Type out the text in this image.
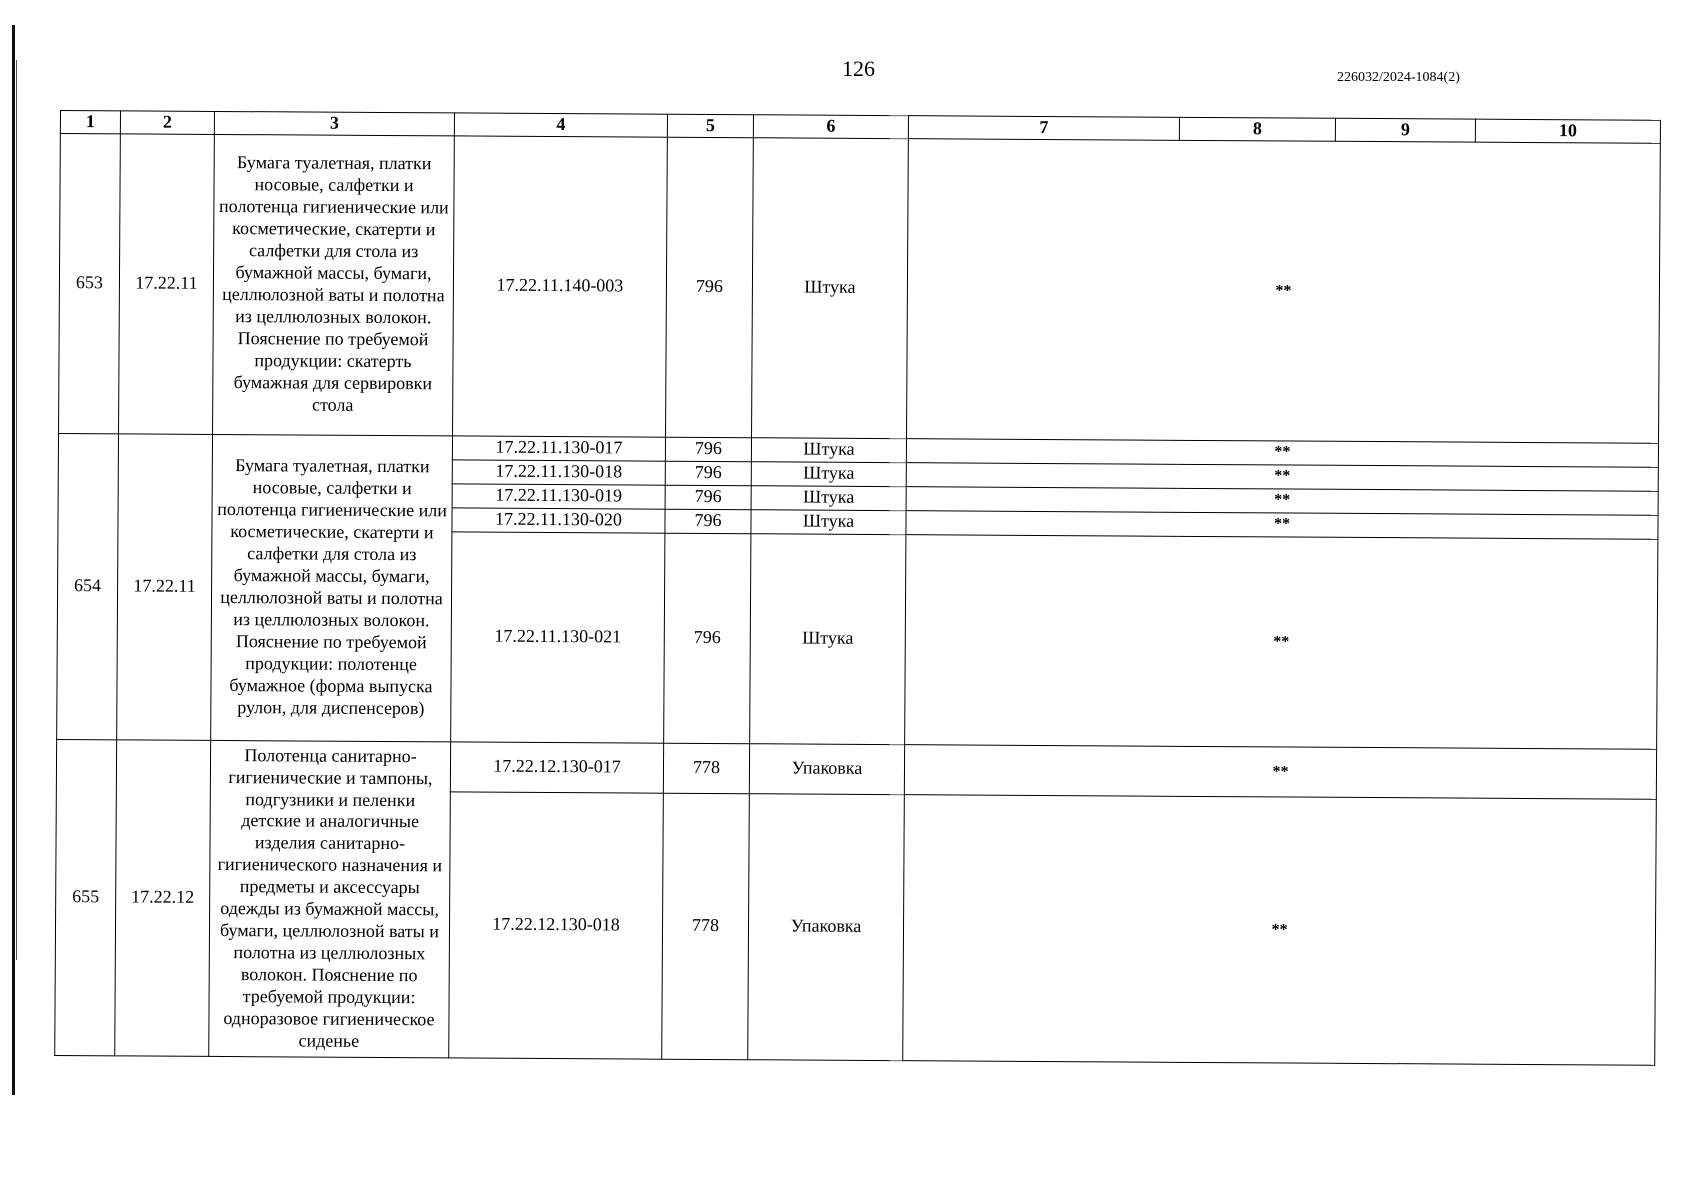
126	226032/2024-1084(2)
1	2	3	4	5	6	7	8	9	10
653	17.22.11	Бумага туалетная, платки носовые, салфетки и полотенца гигиенические или косметические, скатерти и салфетки для стола из бумажной массы, бумаги, целлюлозной ваты и полотна из целлюлозных волокон. Пояснение по требуемой продукции: скатерть бумажная для сервировки стола	17.22.11.140-003	796	Штука	**			
654	17.22.11	Бумага туалетная, платки носовые, салфетки и полотенца гигиенические или косметические, скатерти и салфетки для стола из бумажной массы, бумаги, целлюлозной ваты и полотна из целлюлозных волокон. Пояснение по требуемой продукции: полотенце бумажное (форма выпуска рулон, для диспенсеров)	17.22.11.130-017	796	Штука	**			
			17.22.11.130-018	796	Штука	**			
			17.22.11.130-019	796	Штука	**			
			17.22.11.130-020	796	Штука	**			
			17.22.11.130-021	796	Штука	**			
655	17.22.12	Полотенца санитарно-гигиенические и тампоны, подгузники и пеленки детские и аналогичные изделия санитарно-гигиенического назначения и предметы и аксессуары одежды из бумажной массы, бумаги, целлюлозной ваты и полотна из целлюлозных волокон. Пояснение по требуемой продукции: одноразовое гигиеническое сиденье	17.22.12.130-017	778	Упаковка	**			
			17.22.12.130-018	778	Упаковка	**			
